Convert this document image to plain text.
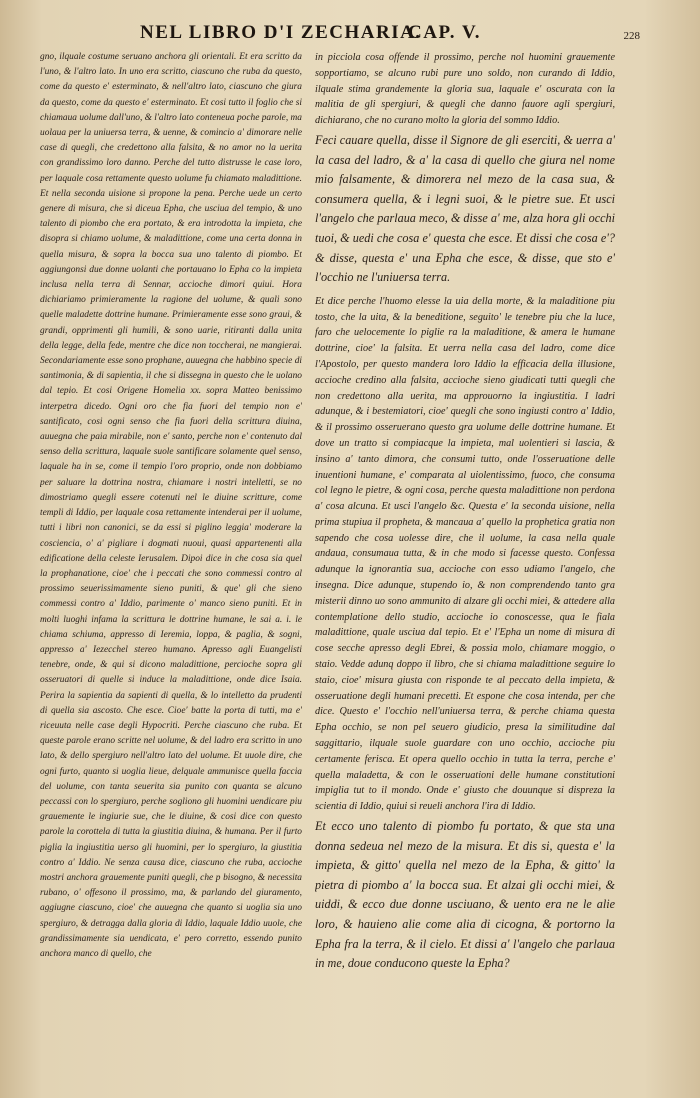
NEL LIBRO D'I ZECHARIA.
CAP. V.	228

gno, ilquale costume seruano anchora gli orientali. Et era scritto da l'uno, & l'altro lato. In uno era scritto, ciascuno che ruba da questo, come da questo e' esterminato, & nell'altro lato, ciascuno che giura da questo, come da questo e' esterminato. Et cosi tutto il foglio che si chiamaua uolume dall'uno, & l'altro lato conteneua poche parole, ma uolaua per la uniuersa terra, & uenne, & comincio a' dimorare nelle case di quegli, che credettono alla falsita, & no amor no la uerita con grandissimo loro danno. Perche del tutto distrusse le case loro, per laquale cosa rettamente questo uolume fu chiamato maladittione. Et nella seconda uisione si propone la pena. Perche uede un certo genere di misura, che si diceua Epha, che usciua del tempio, & uno talento di piombo che era portato, & era introdotta la impieta, che disopra si chiamo uolume, & maladittione, come una certa donna in quella misura, & sopra la bocca sua uno talento di piombo. Et aggiungonsi due donne uolanti che portauano lo Epha co la impieta inclusa nella terra di Sennar, accioche dimori quiui. Hora dichiariamo primieramente la ragione del uolume, & quali sono quelle maladette dottrine humane. Primieramente esse sono graui, & grandi, opprimenti gli humili, & sono uarie, ritiranti dalla unita della legge, della fede, mentre che dice non toccherai, ne mangierai. Secondariamente esse sono prophane, auuegna che habbino specie di santimonia, & di sapientia, il che si dissegna in questo che le uolano dal tepio. Et cosi Origene Homelia xx. sopra Matteo benissimo interpetra dicedo. Ogni oro che fia fuori del tempio non e' santificato, cosi ogni senso che fia fuori della scrittura diuina, auuegna che paia mirabile, non e' santo, perche non e' contenuto dal senso della scrittura, laquale suole santificare solamente quel senso, laquale ha in se, come il tempio l'oro proprio, onde non dobbiamo per saluare la dottrina nostra, chiamare i nostri intelletti, se no dimostriamo quegli essere cotenuti nel le diuine scritture, come templi di Iddio, per laquale cosa rettamente intenderai per il uolume, tutti i libri non canonici, se da essi si piglino leggia' moderare la cosciencia, o' a' pigliare i dogmati nuoui, quasi appartenenti alla edificatione della celeste Ierusalem. Dipoi dice in che cosa sia quel la prophanatione, cioe' che i peccati che sono commessi contro al prossimo seuerissimamente sieno puniti, & que' gli che sieno commessi contro a' Iddio, parimente o' manco sieno puniti. Et in molti luoghi infama la scrittura le dottrine humane, le sai a. i. le chiama schiuma, appresso di Ieremia, loppa, & paglia, & sogni, appresso a' Iezecchel stereo humano. Apresso agli Euangelisti tenebre, onde, & qui si dicono maladittione, percioche sopra gli osseruatori di quelle si induce la maladittione, onde dice Isaia. Perira la sapientia da sapienti di quella, & lo intelletto da prudenti di quella sia ascosto. Che esce. Cioe' batte la porta di tutti, ma e' riceuuta nelle case degli Hypocriti. Perche ciascuno che ruba. Et queste parole erano scritte nel uolume, & del ladro era scritto in uno lato, & dello spergiuro nell'altro lato del uolume. Et uuole dire, che ogni furto, quanto si uoglia lieue, delquale ammunisce quella faccia del uolume, con tanta seuerita sia punito con quanta se alcuno peccassi con lo spergiuro, perche sogliono gli huomini uendicare piu grauemente le ingiurie sue, che le diuine, & cosi dice con questo parole la corottela di tutta la giustitia diuina, & humana. Per il furto piglia la ingiustitia uerso gli huomini, per lo spergiuro, la giustitia contro a' Iddio. Ne senza causa dice, ciascuno che ruba, accioche mostri anchora grauemente puniti quegli, che p bisogno, & necessita rubano, o' offesono il prossimo, ma, & parlando del giuramento, aggiugne ciascuno, cioe' che auuegna che quanto si uoglia sia uno spergiuro, & detragga dalla gloria di Iddio, laquale Iddio uuole, che grandissimamente sia uendicata, e' pero corretto, essendo punito anchora manco di quello, che

in picciola cosa offende il prossimo, perche nol huomini grauemente sopportiamo, se alcuno rubi pure uno soldo, non curando di Iddio, ilquale stima grandemente la gloria sua, laquale e' oscurata con la malitia de gli spergiuri, & quegli che danno fauore agli spergiuri, dichiarano, che no curano molto la gloria del sommo Iddio.

Feci cauare quella, disse il Signore de gli eserciti, & uerra a' la casa del ladro, & a' la casa di quello che giura nel nome mio falsamente, & dimorera nel mezo de la casa sua, & consumera quella, & i legni suoi, & le pietre sue. Et usci l'angelo che parlaua meco, & disse a' me, alza hora gli occhi tuoi, & uedi che cosa e' questa che esce. Et dissi che cosa e'? & disse, questa e' una Epha che esce, & disse, que sto e' l'occhio ne l'uniuersa terra.

Et dice perche l'huomo elesse la uia della morte, & la maladitione piu tosto, che la uita, & la beneditione, seguito' le tenebre piu che la luce, faro che uelocemente lo piglie ra la maladitione, & amera le humane dottrine, cioe' la falsita. Et uerra nella casa del ladro, come dice l'Apostolo, per questo mandera loro Iddio la efficacia della illusione, accioche credino alla falsita, accioche sieno giudicati tutti quegli che non credettono alla uerita, ma approuorno la ingiustitia. I ladri adunque, & i bestemiatori, cioe' quegli che sono ingiusti contro a' Iddio, & il prossimo osseruerano questo gra uolume delle dottrine humane. Et dove un tratto si compiacque la impieta, mal uolentieri si lascia, & insino a' tanto dimora, che consumi tutto, onde l'osseruatione delle inuentioni humane, e' comparata al uiolentissimo, fuoco, che consuma col legno le pietre, & ogni cosa, perche questa maladittione non perdona a' cosa alcuna. Et usci l'angelo &c. Questa e' la seconda uisione, nella prima stupiua il propheta, & mancaua a' quello la prophetica gratia non sapendo che cosa uolesse dire, che il uolume, la casa nella quale andaua, consumaua tutta, & in che modo si facesse questo. Confessa adunque la ignorantia sua, accioche con esso udiamo l'angelo, che insegna. Dice adunque, stupendo io, & non comprendendo tanto gra misterii dinno uo sono ammunito di alzare gli occhi miei, & attedere alla contemplatione dello studio, accioche io conoscesse, qua le fiala maladittione, quale usciua dal tepio. Et e' l'Epha un nome di misura di cose secche apresso degli Ebrei, & possia molo, chiamare moggio, o staio. Vedde adunq doppo il libro, che si chiama maladittione seguire lo staio, cioe' misura giusta con risponde te al peccato della impieta, & osseruatione degli humani precetti. Et espone che cosa intenda, per che dice. Questo e' l'occhio nell'uniuersa terra, & perche chiama questa Epha occhio, se non pel seuero giudicio, presa la similitudine dal saggittario, ilquale suole guardare con uno occhio, accioche piu certamente ferisca. Et opera quello occhio in tutta la terra, perche e' quella maladetta, & con le osseruationi delle humane constitutioni impiglia tut to il mondo. Onde e' giusto che douunque si dispreza la scientia di Iddio, quiui si reueli anchora l'ira di Iddio.

Et ecco uno talento di piombo fu portato, & que sta una donna sedeua nel mezo de la misura. Et dis si, questa e' la impieta, & gitto' quella nel mezo de la Epha, & gitto' la pietra di piombo a' la bocca sua. Et alzai gli occhi miei, & uiddi, & ecco due donne usciuano, & uento era ne le alie loro, & hauieno alie come alia di cicogna, & portorno la Epha fra la terra, & il cielo. Et dissi a' l'angelo che parlaua in me, doue conducono queste la Epha?
